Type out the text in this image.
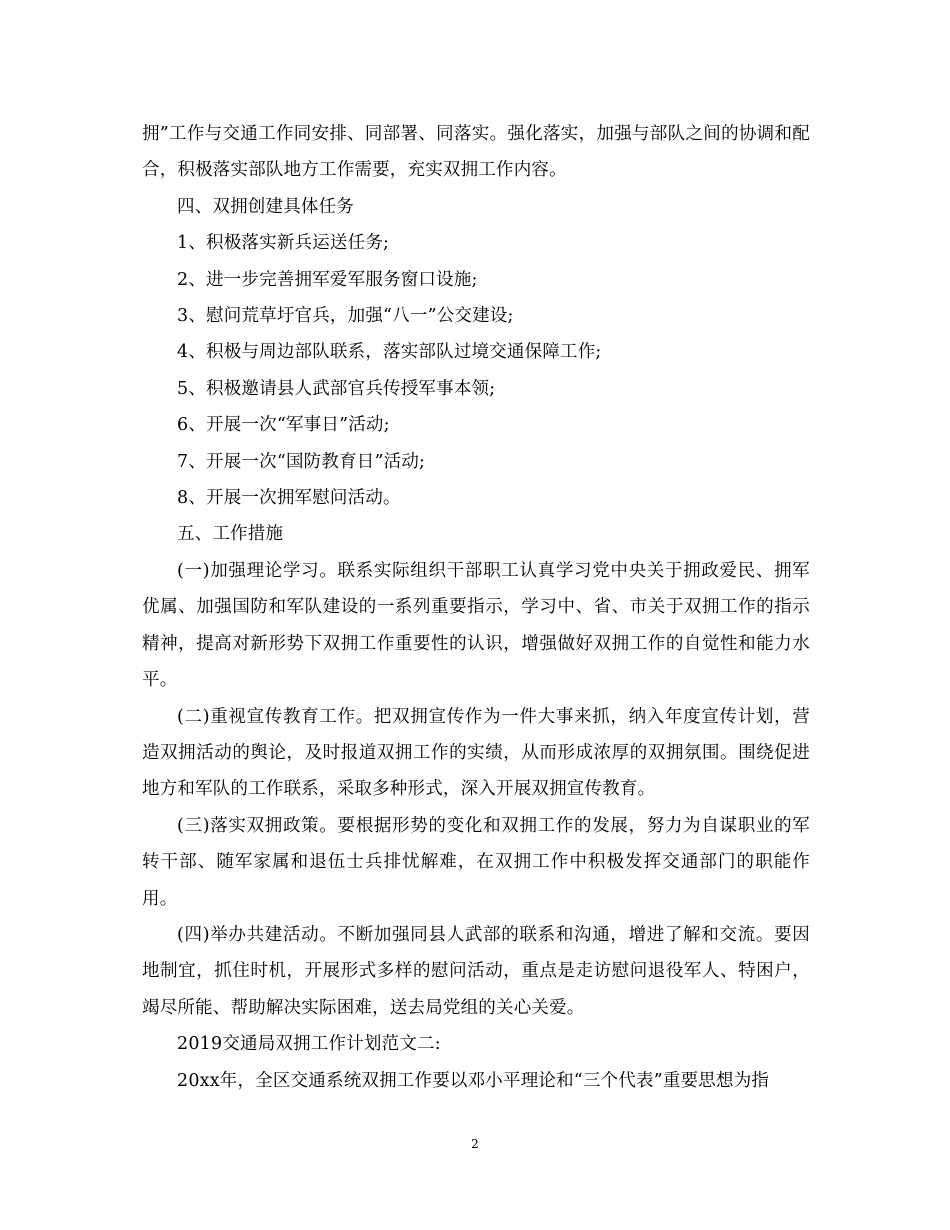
拥”工作与交通工作同安排、同部署、同落实。强化落实，加强与部队之间的协调和配合，积极落实部队地方工作需要，充实双拥工作内容。

四、双拥创建具体任务

1、积极落实新兵运送任务;

2、进一步完善拥军爱军服务窗口设施;

3、慰问荒草圩官兵，加强“八一”公交建设;

4、积极与周边部队联系，落实部队过境交通保障工作;

5、积极邀请县人武部官兵传授军事本领;

6、开展一次“军事日”活动;

7、开展一次“国防教育日”活动;

8、开展一次拥军慰问活动。

五、工作措施

(一)加强理论学习。联系实际组织干部职工认真学习党中央关于拥政爱民、拥军优属、加强国防和军队建设的一系列重要指示，学习中、省、市关于双拥工作的指示精神，提高对新形势下双拥工作重要性的认识，增强做好双拥工作的自觉性和能力水平。

(二)重视宣传教育工作。把双拥宣传作为一件大事来抓，纳入年度宣传计划，营造双拥活动的舆论，及时报道双拥工作的实绩，从而形成浓厚的双拥氛围。围绕促进地方和军队的工作联系，采取多种形式，深入开展双拥宣传教育。

(三)落实双拥政策。要根据形势的变化和双拥工作的发展，努力为自谋职业的军转干部、随军家属和退伍士兵排忧解难，在双拥工作中积极发挥交通部门的职能作用。

(四)举办共建活动。不断加强同县人武部的联系和沟通，增进了解和交流。要因地制宜，抓住时机，开展形式多样的慰问活动，重点是走访慰问退役军人、特困户，竭尽所能、帮助解决实际困难，送去局党组的关心关爱。

2019交通局双拥工作计划范文二:

20xx年，全区交通系统双拥工作要以邓小平理论和“三个代表”重要思想为指

2
